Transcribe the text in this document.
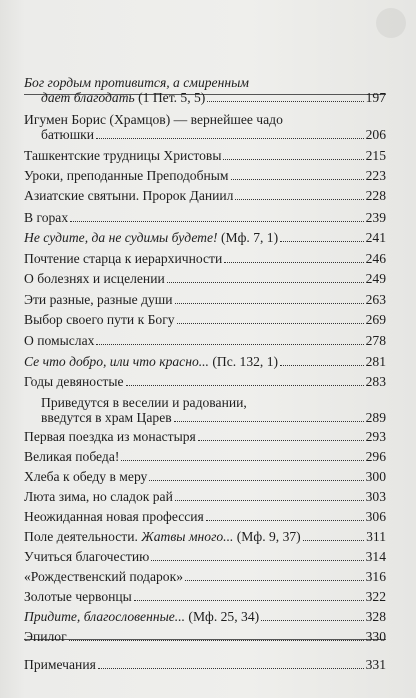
Бог гордым противится, а смиренным
дает благодать (1 Пет. 5, 5)	197
Игумен Борис (Храмцов) — вернейшее чадо
батюшки	206
Ташкентские трудницы Христовы	215
Уроки, преподанные Преподобным	223
Азиатские святыни. Пророк Даниил	228
В горах	239
Не судите, да не судимы будете! (Мф. 7, 1)	241
Почтение старца к иерархичности	246
О болезнях и исцелении	249
Эти разные, разные души	263
Выбор своего пути к Богу	269
О помыслах	278
Се что добро, или что красно... (Пс. 132, 1)	281
Годы девяностые	283
Приведутся в веселии и радовании,
введутся в храм Царев	289
Первая поездка из монастыря	293
Великая победа!	296
Хлеба к обеду в меру	300
Люта зима, но сладок рай	303
Неожиданная новая профессия	306
Поле деятельности. Жатвы много... (Мф. 9, 37)	311
Учиться благочестию	314
«Рождественский подарок»	316
Золотые червонцы	322
Придите, благословенные... (Мф. 25, 34)	328
Эпилог	330
Примечания	331
